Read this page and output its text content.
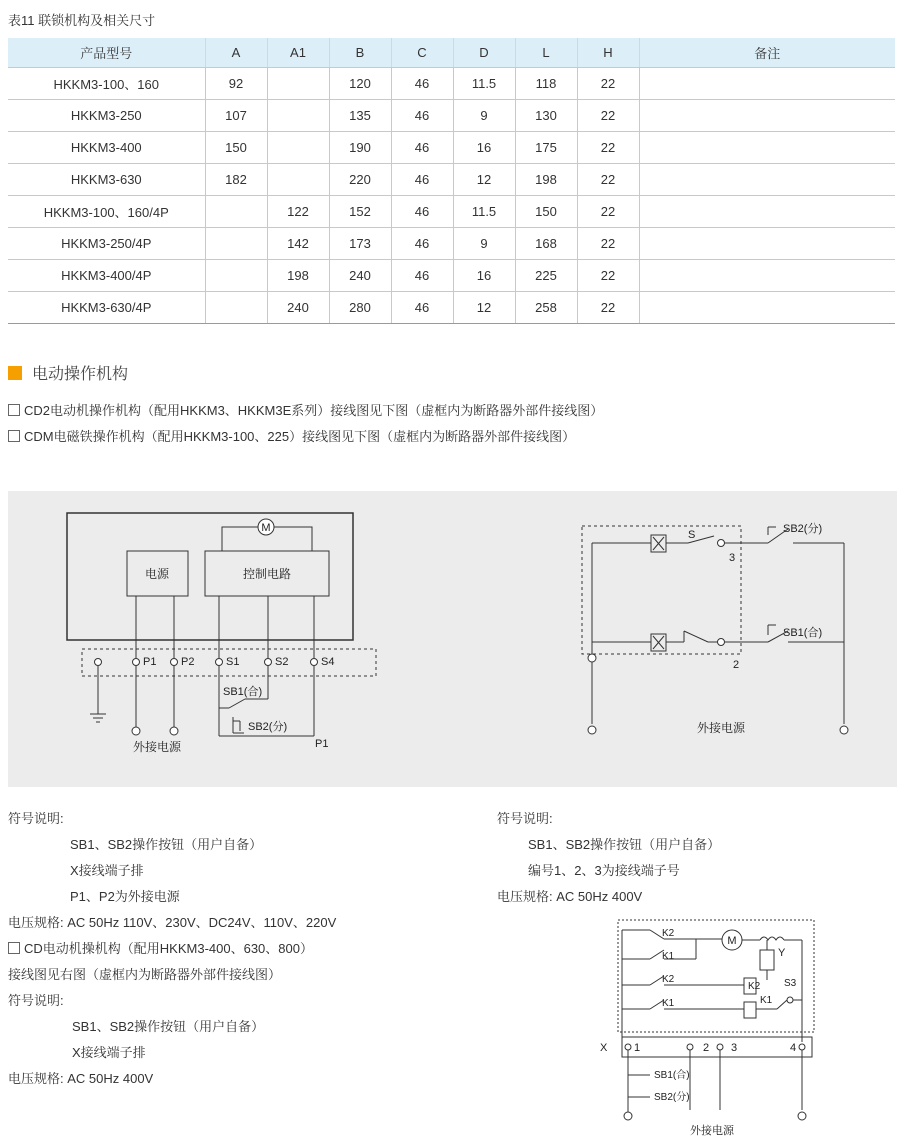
表11 联锁机构及相关尺寸
产品型号	A	A1	B	C	D	L	H	备注
HKKM3-100、160	92		120	46	11.5	118	22	
HKKM3-250	107		135	46	9	130	22	
HKKM3-400	150		190	46	16	175	22	
HKKM3-630	182		220	46	12	198	22	
HKKM3-100、160/4P		122	152	46	11.5	150	22	
HKKM3-250/4P		142	173	46	9	168	22	
HKKM3-400/4P		198	240	46	16	225	22	
HKKM3-630/4P		240	280	46	12	258	22	
电动操作机构
CD2电动机操作机构（配用HKKM3、HKKM3E系列）接线图见下图（虚框内为断路器外部件接线图）
CDM电磁铁操作机构（配用HKKM3-100、225）接线图见下图（虚框内为断路器外部件接线图）
M
电源	控制电路
P1 P2	S1	S2	S4
SB1(合)
SB2(分)
P1
外接电源
S
3
2
SB2(分)
SB1(合)
外接电源
符号说明:
SB1、SB2操作按钮（用户自备）
X接线端子排
P1、P2为外接电源
电压规格: AC 50Hz 110V、230V、DC24V、110V、220V
CD电动机操机构（配用HKKM3-400、630、800）
接线图见右图（虚框内为断路器外部件接线图）
符号说明:
SB1、SB2操作按钮（用户自备）
X接线端子排
电压规格: AC 50Hz 400V
符号说明:
SB1、SB2操作按钮（用户自备）
编号1、2、3为接线端子号
电压规格: AC 50Hz 400V
K2
K1
M
Y
K2
K1
K2
K1
S3
X 1	2 3	4
SB1(合)
SB2(分)
外接电源
